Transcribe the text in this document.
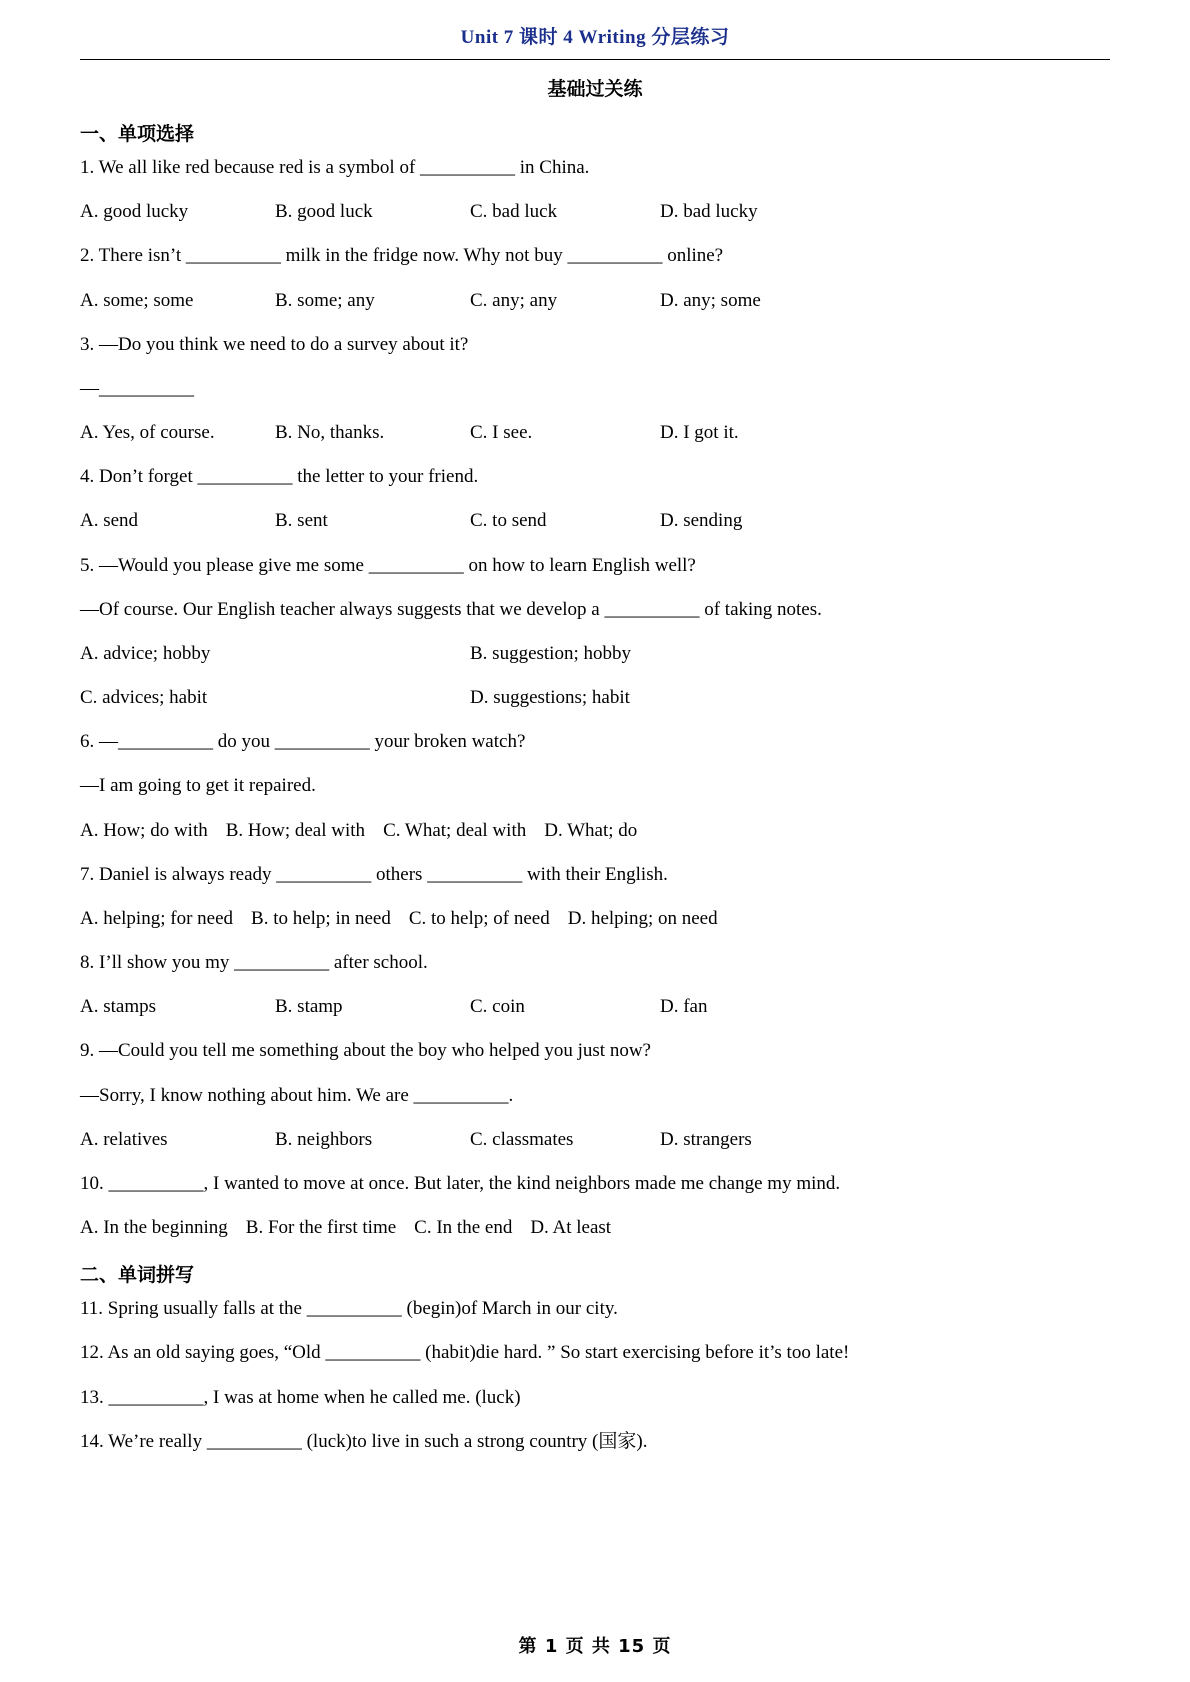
Unit 7 课时 4 Writing 分层练习
基础过关练
一、单项选择
1. We all like red because red is a symbol of __________ in China.
A. good lucky	B. good luck	C. bad luck	D. bad lucky
2. There isn’t __________ milk in the fridge now. Why not buy __________ online?
A. some; some	B. some; any	C. any; any	D. any; some
3. —Do you think we need to do a survey about it?
—__________
A. Yes, of course.	B. No, thanks.	C. I see.	D. I got it.
4. Don’t forget __________ the letter to your friend.
A. send	B. sent	C. to send	D. sending
5. —Would you please give me some __________ on how to learn English well?
—Of course. Our English teacher always suggests that we develop a __________ of taking notes.
A. advice; hobby	B. suggestion; hobby
C. advices; habit	D. suggestions; habit
6. —__________ do you __________ your broken watch?
—I am going to get it repaired.
A. How; do with B. How; deal with C. What; deal with D. What; do
7. Daniel is always ready __________ others __________ with their English.
A. helping; for need B. to help; in need C. to help; of need D. helping; on need
8. I’ll show you my __________ after school.
A. stamps	B. stamp	C. coin	D. fan
9. —Could you tell me something about the boy who helped you just now?
—Sorry, I know nothing about him. We are __________.
A. relatives	B. neighbors	C. classmates	D. strangers
10. __________, I wanted to move at once. But later, the kind neighbors made me change my mind.
A. In the beginning B. For the first time C. In the end D. At least
二、单词拼写
11. Spring usually falls at the __________ (begin)of March in our city.
12. As an old saying goes, “Old __________ (habit)die hard. ” So start exercising before it’s too late!
13. __________, I was at home when he called me. (luck)
14. We’re really __________ (luck)to live in such a strong country (国家).
第 1 页 共 15 页
